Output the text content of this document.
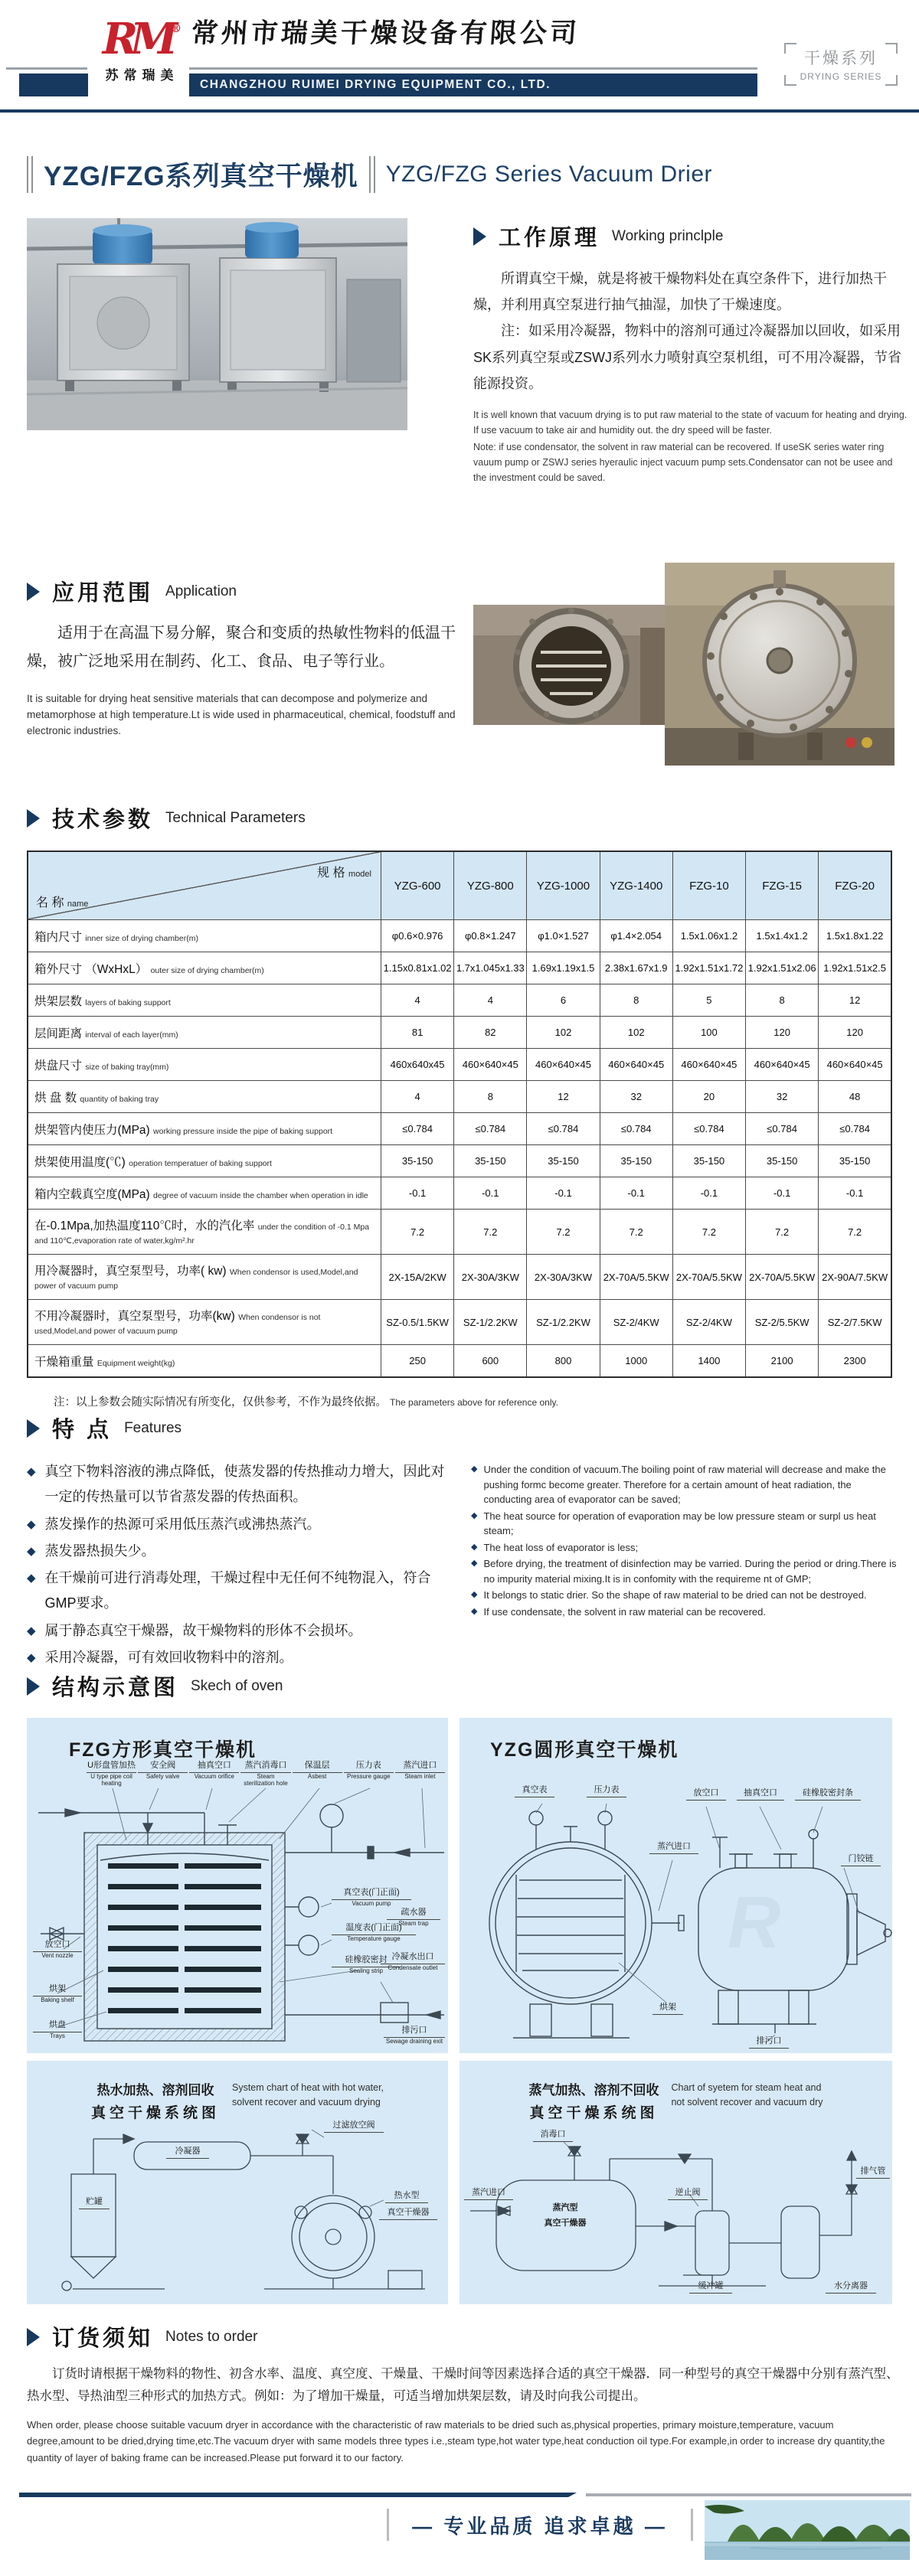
RM®
苏常瑞美
常州市瑞美干燥设备有限公司
CHANGZHOU RUIMEI DRYING EQUIPMENT CO., LTD.
干燥系列
DRYING SERIES
YZG/FZG系列真空干燥机 YZG/FZG Series Vacuum Drier
工作原理 Working princlple

所谓真空干燥，就是将被干燥物料处在真空条件下，进行加热干燥，并利用真空泵进行抽气抽湿，加快了干燥速度。

注：如采用冷凝器，物料中的溶剂可通过冷凝器加以回收，如采用SK系列真空泵或ZSWJ系列水力喷射真空泵机组，可不用冷凝器，节省能源投资。

It is well known that vacuum drying is to put raw material to the state of vacuum for heating and drying. If use vacuum to take air and humidity out. the dry speed will be faster.

Note: if use condensator, the solvent in raw material can be recovered. If useSK series water ring vauum pump or ZSWJ series hyeraulic inject vacuum pump sets.Condensator can not be usee and the investment could be saved.

应用范围 Application

适用于在高温下易分解，聚合和变质的热敏性物料的低温干燥，被广泛地采用在制药、化工、食品、电子等行业。

It is suitable for drying heat sensitive materials that can decompose and polymerize and metamorphose at high temperature.Lt is wide used in pharmaceutical, chemical, foodstuff and electronic industries.

技术参数 Technical Parameters
规 格 model
名 称 name	YZG-600	YZG-800	YZG-1000	YZG-1400	FZG-10	FZG-15	FZG-20
箱内尺寸 inner size of drying chamber(m)	φ0.6×0.976	φ0.8×1.247	φ1.0×1.527	φ1.4×2.054	1.5x1.06x1.2	1.5x1.4x1.2	1.5x1.8x1.22
箱外尺寸 （WxHxL） outer size of drying chamber(m)	1.15x0.81x1.02	1.7x1.045x1.33	1.69x1.19x1.5	2.38x1.67x1.9	1.92x1.51x1.72	1.92x1.51x2.06	1.92x1.51x2.5
烘架层数 layers of baking support	4	4	6	8	5	8	12
层间距离 interval of each layer(mm)	81	82	102	102	100	120	120
烘盘尺寸 size of baking tray(mm)	460x640x45	460×640×45	460×640×45	460×640×45	460×640×45	460×640×45	460×640×45
烘 盘 数 quantity of baking tray	4	8	12	32	20	32	48
烘架管内使压力(MPa) working pressure inside the pipe of baking support	≤0.784	≤0.784	≤0.784	≤0.784	≤0.784	≤0.784	≤0.784
烘架使用温度(℃) operation temperatuer of baking support	35-150	35-150	35-150	35-150	35-150	35-150	35-150
箱内空载真空度(MPa) degree of vacuum inside the chamber when operation in idle	-0.1	-0.1	-0.1	-0.1	-0.1	-0.1	-0.1
在-0.1Mpa,加热温度110℃时，水的汽化率 under the condition of -0.1 Mpa and 110℃,evaporation rate of water,kg/m².hr	7.2	7.2	7.2	7.2	7.2	7.2	7.2
用冷凝器时，真空泵型号，功率( kw) When condensor is used,Model,and power of vacuum pump	2X-15A/2KW	2X-30A/3KW	2X-30A/3KW	2X-70A/5.5KW	2X-70A/5.5KW	2X-70A/5.5KW	2X-90A/7.5KW
不用冷凝器时，真空泵型号，功率(kw) When condensor is not used,Model,and power of vacuum pump	SZ-0.5/1.5KW	SZ-1/2.2KW	SZ-1/2.2KW	SZ-2/4KW	SZ-2/4KW	SZ-2/5.5KW	SZ-2/7.5KW
干燥箱重量 Equipment weight(kg)	250	600	800	1000	1400	2100	2300
注：以上参数会随实际情况有所变化，仅供参考，不作为最终依据。 The parameters above for reference only.
特 点 Features
◆ 真空下物料溶液的沸点降低，使蒸发器的传热推动力增大，因此对一定的传热量可以节省蒸发器的传热面积。
◆ 蒸发操作的热源可采用低压蒸汽或沸热蒸汽。
◆ 蒸发器热损失少。
◆ 在干燥前可进行消毒处理，干燥过程中无任何不纯物混入，符合GMP要求。
◆ 属于静态真空干燥器，故干燥物料的形体不会损坏。
◆ 采用冷凝器，可有效回收物料中的溶剂。
◆ Under the condition of vacuum.The boiling point of raw material will decrease and make the pushing formc become greater. Therefore for a certain amount of heat radiation, the conducting area of evaporator can be saved;
◆ The heat source for operation of evaporation may be low pressure steam or surpl us heat steam;
◆ The heat loss of evaporator is less;
◆ Before drying, the treatment of disinfection may be varried. During the period or dring.There is no impurity material mixing.It is in confomity with the requireme nt of GMP;
◆ It belongs to static drier. So the shape of raw material to be dried can not be destroyed.
◆ If use condensate, the solvent in raw material can be recovered.
结构示意图 Skech of oven
FZG方形真空干燥机
U形盘管加热
U type pipe coil heating
安全阀
Safety valve
抽真空口
Vacuum orifice
蒸汽消毒口
Steam sterilization hole
保温层
Asbest
压力表
Pressure gauge
蒸汽进口
Steam inlet
放空口
Vent nozzle
烘架
Baking shelf
烘盘
Trays
真空表(门正面)
Vacuum pump
温度表(门正面)
Temperature gauge
硅橡胶密封
Sealing strip
疏水器
Steam trap
冷凝水出口
Condensate outlet
排污口
Sewage draining exit
YZG圆形真空干燥机
R
真空表	压力表
蒸汽进口
烘架
放空口	抽真空口	硅橡胶密封条
门铰链
排污口
热水加热、溶剂回收
真空干燥系统图
System chart of heat with hot water,
solvent recover and vacuum drying
过滤放空阀
冷凝器
贮罐
热水型
真空干燥器
蒸气加热、溶剂不回收
真空干燥系统图
Chart of syetem for steam heat and
not solvent recover and vacuum dry
消毒口
蒸汽进口	逆止阀
排气管
蒸汽型
真空干燥器
缓冲罐	水分离器
订货须知 Notes to order

订货时请根据干燥物料的物性、初含水率、温度、真空度、干燥量、干燥时间等因素选择合适的真空干燥器．同一种型号的真空干燥器中分别有蒸汽型、热水型、导热油型三种形式的加热方式。例如：为了增加干燥量，可适当增加烘架层数，请及时向我公司提出。

When order, please choose suitable vacuum dryer in accordance with the characteristic of raw materials to be dried such as,physical properties, primary moisture,temperature, vacuum degree,amount to be dried,drying time,etc.The vacuum dryer with same models three types i.e.,steam type,hot water type,heat conduction oil type.For example,in order to increase dry quantity,the quantity of layer of baking frame can be increased.Please put forward it to our factory.

— 专业品质 追求卓越 —
